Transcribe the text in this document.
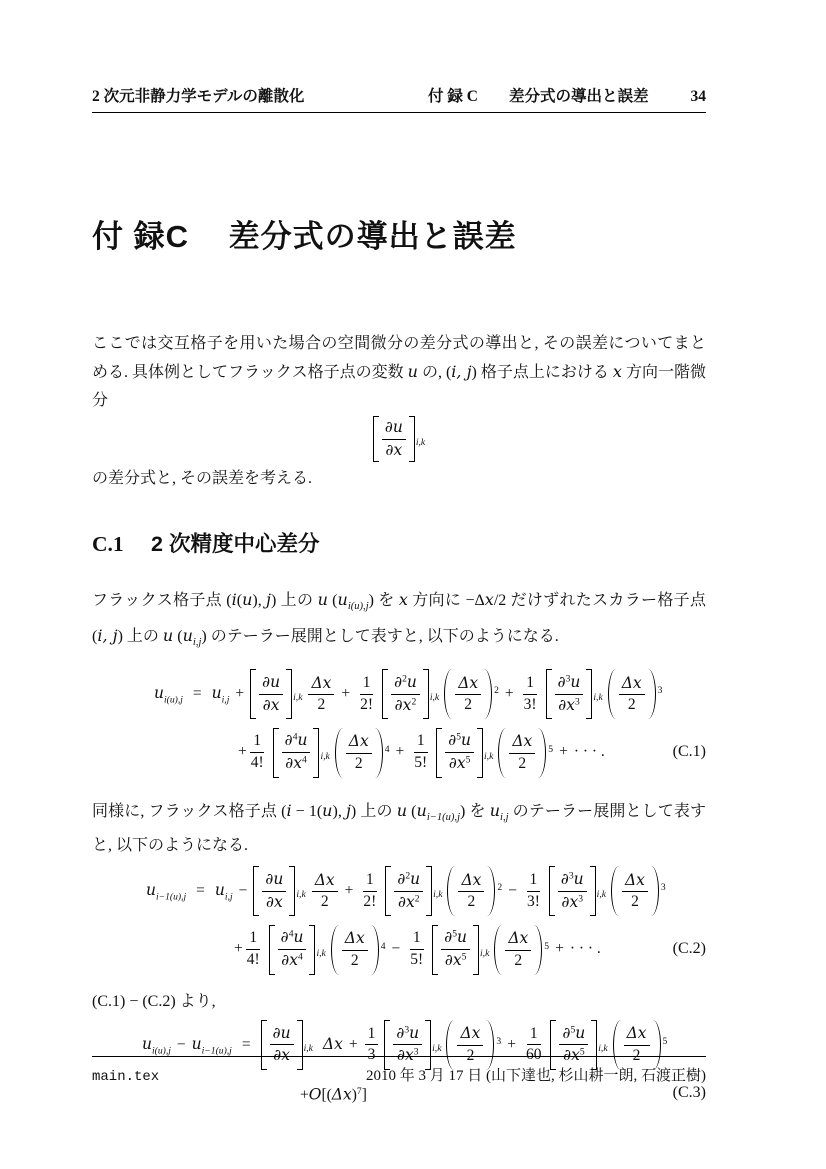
2 次元非静力学モデルの離散化	付 録 C　　差分式の導出と誤差	34
付 録C 差分式の導出と誤差

ここでは交互格子を用いた場合の空間微分の差分式の導出と, その誤差についてまとめる. 具体例としてフラックス格子点の変数 u の, (i, j) 格子点上における x 方向一階微分

∂u
∂x	i,k

の差分式と, その誤差を考える.

C.1 2 次精度中心差分

フラックス格子点 (i(u), j) 上の u $(u_{i(u),j})$ を x 方向に −Δx/2 だけずれたスカラー格子点 (i, j) 上の u $(u_{i,j})$ のテーラー展開として表すと, 以下のようになる.

$u_{i(u),j} = u_{i,j}$ +
∂u
∂x	$i,k \frac{\Delta x}{2} + \frac{1}{2!} \partial^2u$
$\partial x^2$	i,k
Δx
2
$2 + \frac{1}{3!} \partial^3u$
$\partial x^3$	i,k
Δx
2
3
(C.1)
+ $\frac{1}{4!} \partial^4u$
$\partial x^4$	i,k
Δx
2
$4 + \frac{1}{5!} \partial^5u$
$\partial x^5$	i,k
Δx
2
5 + · · · .

同様に, フラックス格子点 (i − 1(u), j) 上の u $(u_{i-1(u),j})$ を $u_{i,j}$ のテーラー展開として表すと, 以下のようになる.

$u_{i-1(u),j} = u_{i,j}$ −
∂u
∂x	$i,k \frac{\Delta x}{2} + \frac{1}{2!} \partial^2u$
$\partial x^2$	i,k
Δx
2
$2 - \frac{1}{3!} \partial^3u$
$\partial x^3$	i,k
Δx
2
3
(C.2)
+ $\frac{1}{4!} \partial^4u$
$\partial x^4$	i,k
Δx
2
$4 - \frac{1}{5!} \partial^5u$
$\partial x^5$	i,k
Δx
2
5 + · · · .

(C.1) − (C.2) より,

$u_{i(u),j} - u_{i-1(u),j}$ =
∂u
∂x	i,k $\Delta x + \frac{1}{3} \partial^3u$
$\partial x^3$	i,k
Δx
2
$3 + \frac{1}{60} \partial^5u$
$\partial x^5$	i,k
Δx
2
5
(C.3)
$+O[(\Delta x)^7]$
main.tex	2010 年 3 月 17 日 (山下達也, 杉山耕一朗, 石渡正樹)
